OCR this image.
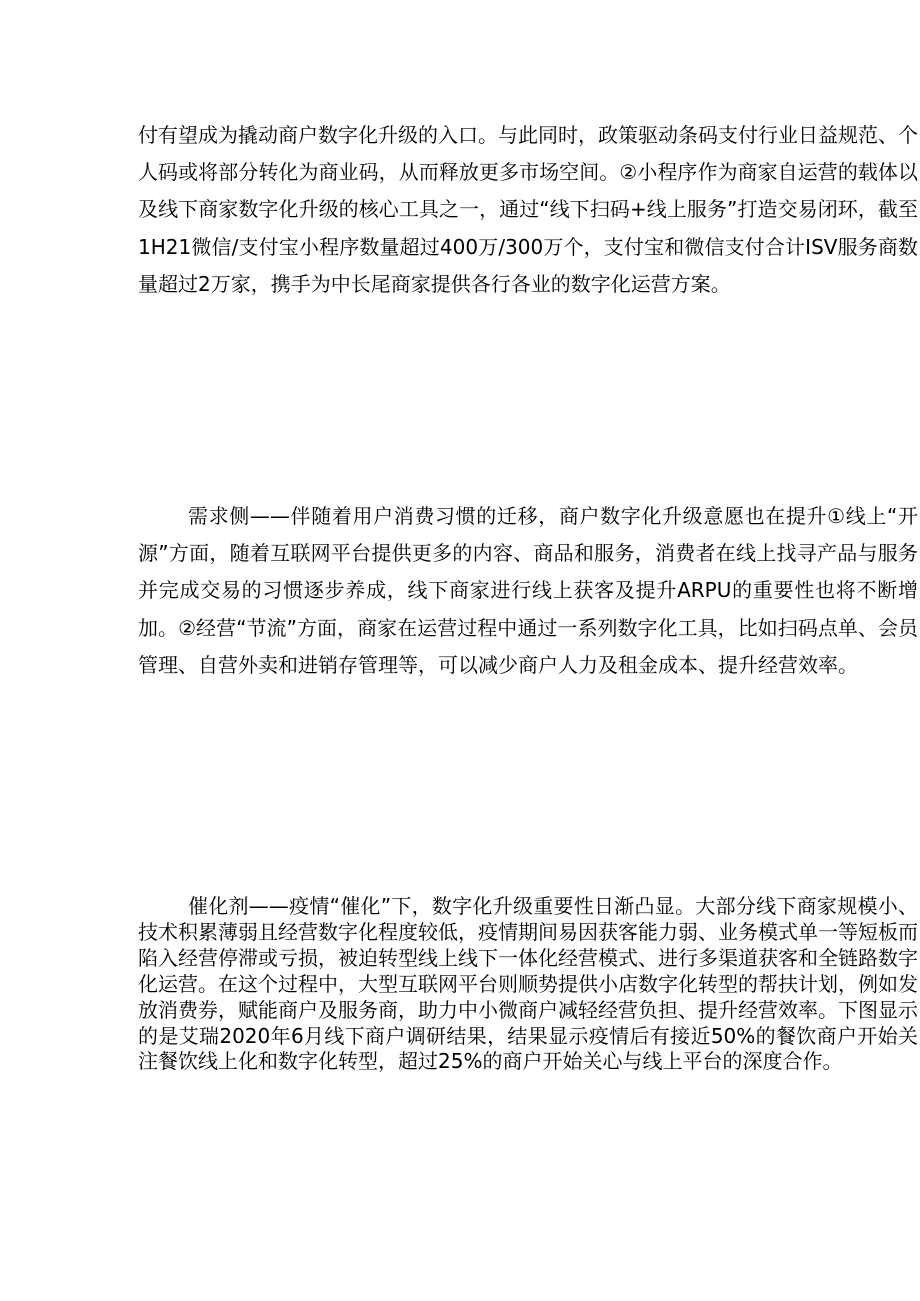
付有望成为撬动商户数字化升级的入口。与此同时，政策驱动条码支付行业日益规范、个人码或将部分转化为商业码，从而释放更多市场空间。②小程序作为商家自运营的载体以及线下商家数字化升级的核心工具之一，通过“线下扫码+线上服务”打造交易闭环，截至1H21微信/支付宝小程序数量超过400万/300万个，支付宝和微信支付合计ISV服务商数量超过2万家，携手为中长尾商家提供各行各业的数字化运营方案。

需求侧——伴随着用户消费习惯的迁移，商户数字化升级意愿也在提升①线上“开源”方面，随着互联网平台提供更多的内容、商品和服务，消费者在线上找寻产品与服务并完成交易的习惯逐步养成，线下商家进行线上获客及提升ARPU的重要性也将不断增加。②经营“节流”方面，商家在运营过程中通过一系列数字化工具，比如扫码点单、会员管理、自营外卖和进销存管理等，可以减少商户人力及租金成本、提升经营效率。

催化剂——疫情“催化”下，数字化升级重要性日渐凸显。大部分线下商家规模小、技术积累薄弱且经营数字化程度较低，疫情期间易因获客能力弱、业务模式单一等短板而陷入经营停滞或亏损，被迫转型线上线下一体化经营模式、进行多渠道获客和全链路数字化运营。在这个过程中，大型互联网平台则顺势提供小店数字化转型的帮扶计划，例如发放消费券，赋能商户及服务商，助力中小微商户减轻经营负担、提升经营效率。下图显示的是艾瑞2020年6月线下商户调研结果，结果显示疫情后有接近50%的餐饮商户开始关注餐饮线上化和数字化转型，超过25%的商户开始关心与线上平台的深度合作。
